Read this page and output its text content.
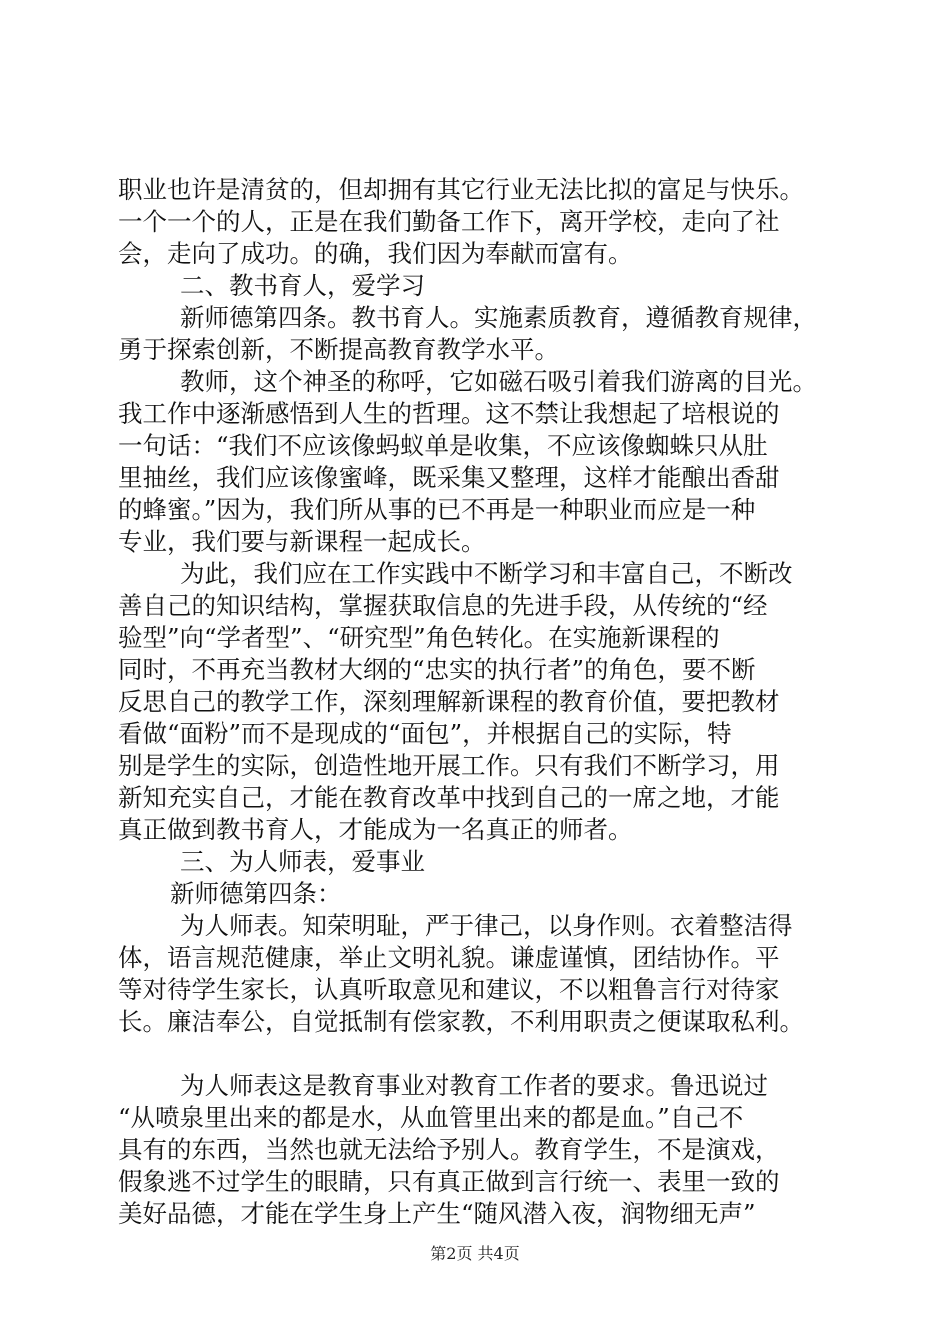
职业也许是清贫的，但却拥有其它行业无法比拟的富足与快乐。
一个一个的人，正是在我们勤备工作下，离开学校，走向了社
会，走向了成功。的确，我们因为奉献而富有。
二、教书育人，爱学习
新师德第四条。教书育人。实施素质教育，遵循教育规律，
勇于探索创新，不断提高教育教学水平。
教师，这个神圣的称呼，它如磁石吸引着我们游离的目光。
我工作中逐渐感悟到人生的哲理。这不禁让我想起了培根说的
一句话：“我们不应该像蚂蚁单是收集，不应该像蜘蛛只从肚
里抽丝，我们应该像蜜峰，既采集又整理，这样才能酿出香甜
的蜂蜜。”因为，我们所从事的已不再是一种职业而应是一种
专业，我们要与新课程一起成长。
为此，我们应在工作实践中不断学习和丰富自己，不断改
善自己的知识结构，掌握获取信息的先进手段，从传统的“经
验型”向“学者型”、“研究型”角色转化。在实施新课程的
同时，不再充当教材大纲的“忠实的执行者”的角色，要不断
反思自己的教学工作，深刻理解新课程的教育价值，要把教材
看做“面粉”而不是现成的“面包”，并根据自己的实际，特
别是学生的实际，创造性地开展工作。只有我们不断学习，用
新知充实自己，才能在教育改革中找到自己的一席之地，才能
真正做到教书育人，才能成为一名真正的师者。
三、为人师表，爱事业
新师德第四条：
为人师表。知荣明耻，严于律己，以身作则。衣着整洁得
体，语言规范健康，举止文明礼貌。谦虚谨慎，团结协作。平
等对待学生家长，认真听取意见和建议，不以粗鲁言行对待家
长。廉洁奉公，自觉抵制有偿家教，不利用职责之便谋取私利。
为人师表这是教育事业对教育工作者的要求。鲁迅说过
“从喷泉里出来的都是水，从血管里出来的都是血。”自己不
具有的东西，当然也就无法给予别人。教育学生，不是演戏，
假象逃不过学生的眼睛，只有真正做到言行统一、表里一致的
美好品德，才能在学生身上产生“随风潜入夜，润物细无声”
第2页 共4页
